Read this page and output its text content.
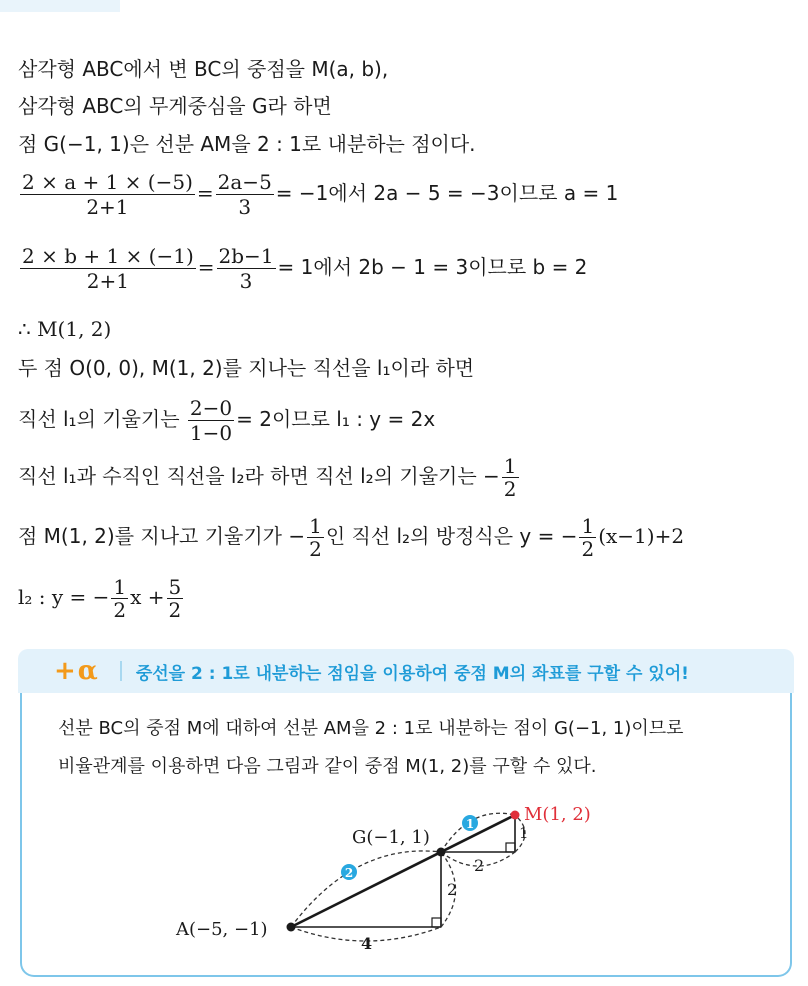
삼각형 ABC에서 변 BC의 중점을 M(a, b),
삼각형 ABC의 무게중심을 G라 하면
점 G(−1, 1)은 선분 AM을 2 : 1로 내분하는 점이다.
$\frac{2 \times a + 1 \times (-5)}{2+1} = \frac{2a-5}{3} = -1$에서 2a − 5 = −3이므로 a = 1
$\frac{2 \times b + 1 \times (-1)}{2+1} = \frac{2b-1}{3} = 1$에서 2b − 1 = 3이므로 b = 2
∴ M(1, 2)
두 점 O(0, 0), M(1, 2)를 지나는 직선을 l₁이라 하면
직선 l₁의 기울기는 $\frac{2-0}{1-0} = 2$이므로 l₁ : y = 2x
직선 l₁과 수직인 직선을 l₂라 하면 직선 l₂의 기울기는 − $\frac{1}{2}$
점 M(1, 2)를 지나고 기울기가 − $\frac{1}{2}$ 인 직선 l₂의 방정식은 y = − $\frac{1}{2} (x-1)+2$
l₂ : y = − $\frac{1}{2}$ $x + \frac{5}{2}$
+ α 중선을 2 : 1로 내분하는 점임을 이용하여 중점 M의 좌표를 구할 수 있어!
선분 BC의 중점 M에 대하여 선분 AM을 2 : 1로 내분하는 점이 G(−1, 1)이므로
비율관계를 이용하면 다음 그림과 같이 중점 M(1, 2)를 구할 수 있다.
A(−5, −1)
G(−1, 1)
M(1, 2)
4
2
2
1
1
2
